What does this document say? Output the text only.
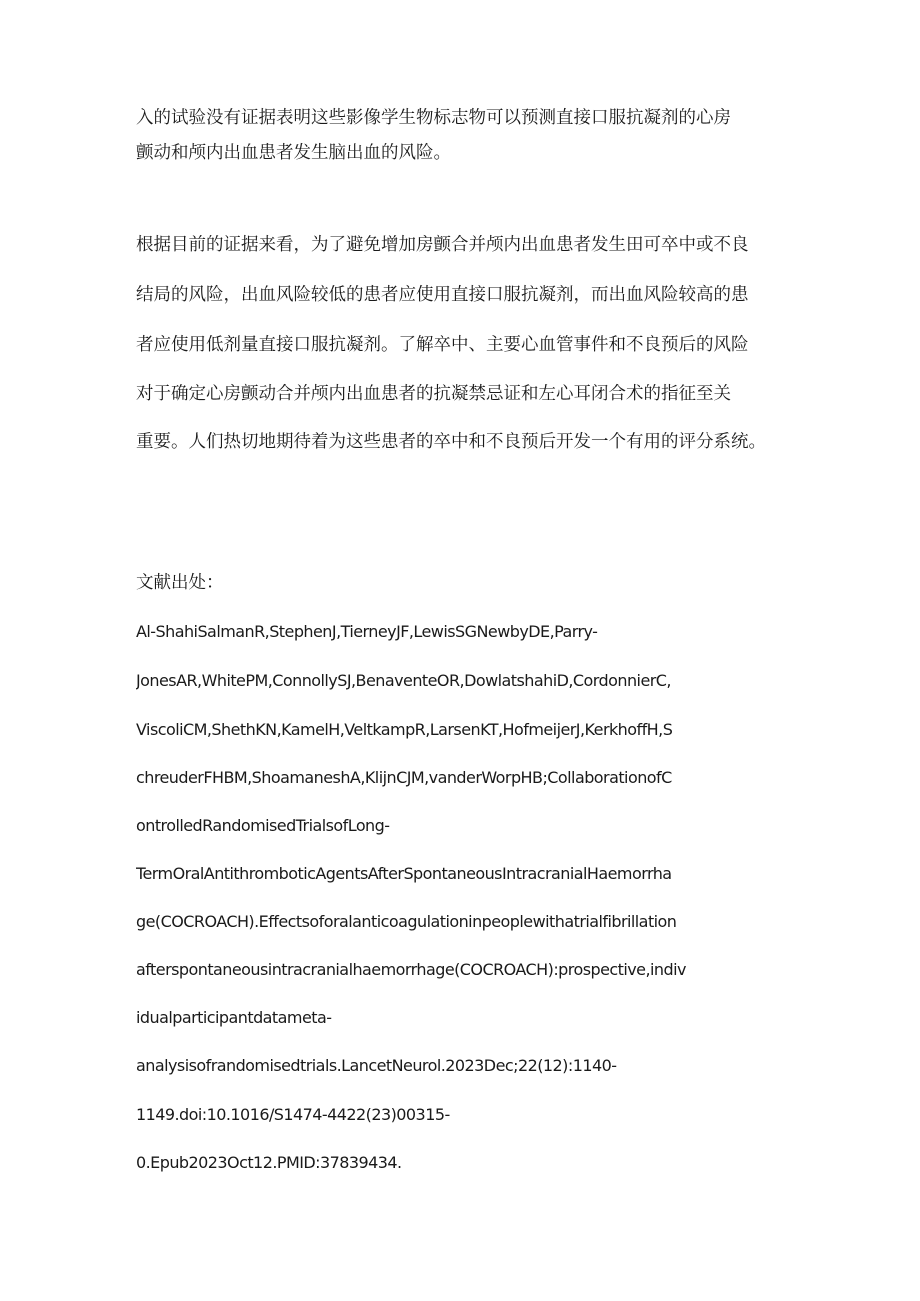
入的试验没有证据表明这些影像学生物标志物可以预测直接口服抗凝剂的心房
颤动和颅内出血患者发生脑出血的风险。
根据目前的证据来看，为了避免增加房颤合并颅内出血患者发生田可卒中或不良
结局的风险，出血风险较低的患者应使用直接口服抗凝剂，而出血风险较高的患
者应使用低剂量直接口服抗凝剂。了解卒中、主要心血管事件和不良预后的风险
对于确定心房颤动合并颅内出血患者的抗凝禁忌证和左心耳闭合术的指征至关
重要。人们热切地期待着为这些患者的卒中和不良预后开发一个有用的评分系统。
文献出处：
Al-ShahiSalmanR,StephenJ,TierneyJF,LewisSGNewbyDE,Parry-
JonesAR,WhitePM,ConnollySJ,BenaventeOR,DowlatshahiD,CordonnierC,
ViscoliCM,ShethKN,KamelH,VeltkampR,LarsenKT,HofmeijerJ,KerkhoffH,S
chreuderFHBM,ShoamaneshA,KlijnCJM,vanderWorpHB;CollaborationofC
ontrolledRandomisedTrialsofLong-
TermOralAntithromboticAgentsAfterSpontaneousIntracranialHaemorrha
ge(COCROACH).Effectsoforalanticoagulationinpeoplewithatrialfibrillation
afterspontaneousintracranialhaemorrhage(COCROACH):prospective,indiv
idualparticipantdatameta-
analysisofrandomisedtrials.LancetNeurol.2023Dec;22(12):1140-
1149.doi:10.1016/S1474-4422(23)00315-
0.Epub2023Oct12.PMID:37839434.
